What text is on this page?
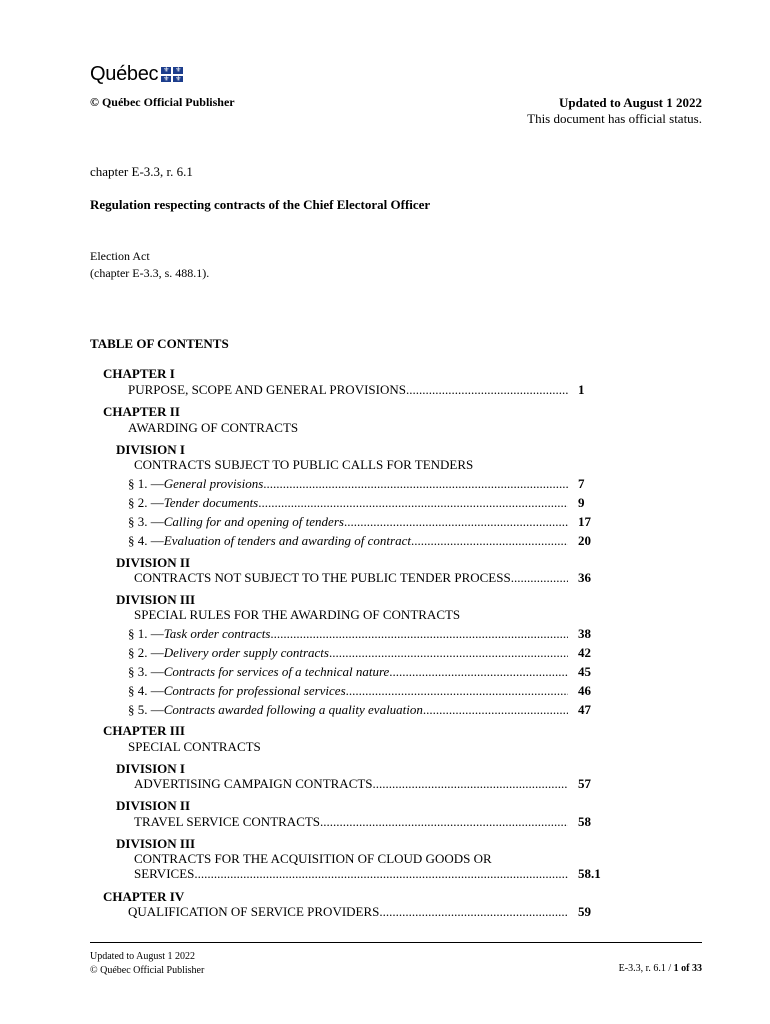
Québec ⚜ ⚜
⚜ ⚜
© Québec Official Publisher	Updated to August 1 2022
This document has official status.
chapter E-3.3, r. 6.1
Regulation respecting contracts of the Chief Electoral Officer
Election Act
(chapter E-3.3, s. 488.1).
TABLE OF CONTENTS
CHAPTER I
PURPOSE, SCOPE AND GENERAL PROVISIONS .....	1
CHAPTER II
AWARDING OF CONTRACTS
DIVISION I
CONTRACTS SUBJECT TO PUBLIC CALLS FOR TENDERS
§ 1. — General provisions .....	7
§ 2. — Tender documents .....	9
§ 3. — Calling for and opening of tenders .....	17
§ 4. — Evaluation of tenders and awarding of contract .....	20
DIVISION II
CONTRACTS NOT SUBJECT TO THE PUBLIC TENDER PROCESS .....	36
DIVISION III
SPECIAL RULES FOR THE AWARDING OF CONTRACTS
§ 1. — Task order contracts .....	38
§ 2. — Delivery order supply contracts .....	42
§ 3. — Contracts for services of a technical nature .....	45
§ 4. — Contracts for professional services .....	46
§ 5. — Contracts awarded following a quality evaluation .....	47
CHAPTER III
SPECIAL CONTRACTS
DIVISION I
ADVERTISING CAMPAIGN CONTRACTS .....	57
DIVISION II
TRAVEL SERVICE CONTRACTS .....	58
DIVISION III
CONTRACTS FOR THE ACQUISITION OF CLOUD GOODS OR
SERVICES .....	58.1
CHAPTER IV
QUALIFICATION OF SERVICE PROVIDERS .....	59
Updated to August 1 2022
© Québec Official Publisher	E-3.3, r. 6.1 / 1 of 33
